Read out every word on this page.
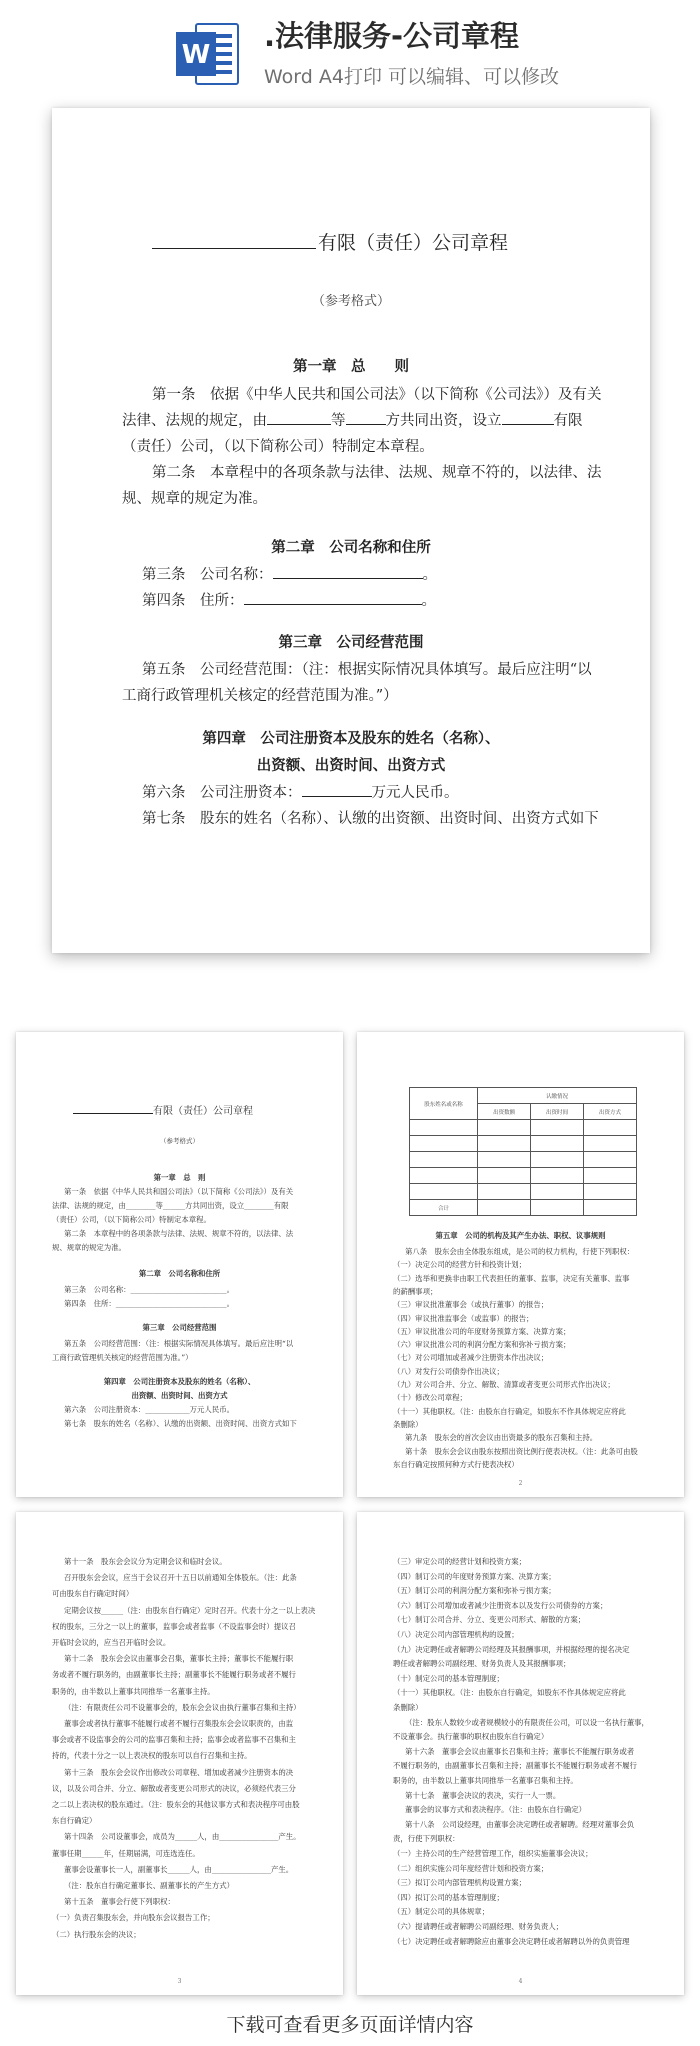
W
.法律服务-公司章程
Word A4打印 可以编辑、可以修改
有限（责任）公司章程
（参考格式）
第一章　总　　则
第一条　依据《中华人民共和国公司法》（以下简称《公司法》）及有关
法律、法规的规定，由	等	方共同出资，设立	有限
（责任）公司，（以下简称公司）特制定本章程。
第二条　本章程中的各项条款与法律、法规、规章不符的，以法律、法
规、规章的规定为准。
第二章　公司名称和住所
第三条　公司名称：	。
第四条　住所：	。
第三章　公司经营范围
第五条　公司经营范围：（注：根据实际情况具体填写。最后应注明“以
工商行政管理机关核定的经营范围为准。”）
第四章　公司注册资本及股东的姓名（名称）、
出资额、出资时间、出资方式
第六条　公司注册资本：	万元人民币。
第七条　股东的姓名（名称）、认缴的出资额、出资时间、出资方式如下
有限（责任）公司章程
（参考格式）
第一章　总　则
第一条　依据《中华人民共和国公司法》（以下简称《公司法》）及有关
法律、法规的规定，由________等______方共同出资，设立________有限
（责任）公司，（以下简称公司）特制定本章程。
第二条　本章程中的各项条款与法律、法规、规章不符的，以法律、法
规、规章的规定为准。
第二章　公司名称和住所
第三条　公司名称：__________________________。
第四条　住所：______________________________。
第三章　公司经营范围
第五条　公司经营范围：（注：根据实际情况具体填写。最后应注明“以
工商行政管理机关核定的经营范围为准。”）
第四章　公司注册资本及股东的姓名（名称）、
出资额、出资时间、出资方式
第六条　公司注册资本：____________万元人民币。
第七条　股东的姓名（名称）、认缴的出资额、出资时间、出资方式如下
股东姓名或名称	认缴情况		
	出资数额	出资时间	出资方式

合计			
第五章　公司的机构及其产生办法、职权、议事规则
第八条　股东会由全体股东组成，是公司的权力机构，行使下列职权：
（一）决定公司的经营方针和投资计划；
（二）选举和更换非由职工代表担任的董事、监事，决定有关董事、监事
的薪酬事项；
（三）审议批准董事会（或执行董事）的报告；
（四）审议批准监事会（或监事）的报告；
（五）审议批准公司的年度财务预算方案、决算方案；
（六）审议批准公司的利润分配方案和弥补亏损方案；
（七）对公司增加或者减少注册资本作出决议；
（八）对发行公司债券作出决议；
（九）对公司合并、分立、解散、清算或者变更公司形式作出决议；
（十）修改公司章程；
（十一）其他职权。（注：由股东自行确定，如股东不作具体规定应将此
条删除）
第九条　股东会的首次会议由出资最多的股东召集和主持。
第十条　股东会会议由股东按照出资比例行使表决权。（注：此条可由股
东自行确定按照何种方式行使表决权）
2
第十一条　股东会会议分为定期会议和临时会议。
召开股东会会议，应当于会议召开十五日以前通知全体股东。（注：此条
可由股东自行确定时间）
定期会议按______（注：由股东自行确定）定时召开。代表十分之一以上表决
权的股东，三分之一以上的董事，监事会或者监事（不设监事会时）提议召
开临时会议的，应当召开临时会议。
第十二条　股东会会议由董事会召集，董事长主持；董事长不能履行职
务或者不履行职务的，由副董事长主持；副董事长不能履行职务或者不履行
职务的，由半数以上董事共同推举一名董事主持。
（注：有限责任公司不设董事会的，股东会会议由执行董事召集和主持）
董事会或者执行董事不能履行或者不履行召集股东会会议职责的，由监
事会或者不设监事会的公司的监事召集和主持；监事会或者监事不召集和主
持的，代表十分之一以上表决权的股东可以自行召集和主持。
第十三条　股东会会议作出修改公司章程、增加或者减少注册资本的决
议，以及公司合并、分立、解散或者变更公司形式的决议，必须经代表三分
之二以上表决权的股东通过。（注：股东会的其他议事方式和表决程序可由股
东自行确定）
第十四条　公司设董事会，成员为______人，由________________产生。
董事任期______年，任期届满，可连选连任。
董事会设董事长一人，副董事长______人，由________________产生。
（注：股东自行确定董事长、副董事长的产生方式）
第十五条　董事会行使下列职权：
（一）负责召集股东会，并向股东会议报告工作；
（二）执行股东会的决议；
3
（三）审定公司的经营计划和投资方案；
（四）制订公司的年度财务预算方案、决算方案；
（五）制订公司的利润分配方案和弥补亏损方案；
（六）制订公司增加或者减少注册资本以及发行公司债券的方案；
（七）制订公司合并、分立、变更公司形式、解散的方案；
（八）决定公司内部管理机构的设置；
（九）决定聘任或者解聘公司经理及其报酬事项，并根据经理的提名决定
聘任或者解聘公司副经理、财务负责人及其报酬事项；
（十）制定公司的基本管理制度；
（十一）其他职权。（注：由股东自行确定，如股东不作具体规定应将此
条删除）
（注：股东人数较少或者规模较小的有限责任公司，可以设一名执行董事，
不设董事会。执行董事的职权由股东自行确定）
第十六条　董事会会议由董事长召集和主持；董事长不能履行职务或者
不履行职务的，由副董事长召集和主持；副董事长不能履行职务或者不履行
职务的，由半数以上董事共同推举一名董事召集和主持。
第十七条　董事会决议的表决，实行一人一票。
董事会的议事方式和表决程序。（注：由股东自行确定）
第十八条　公司设经理，由董事会决定聘任或者解聘。经理对董事会负
责，行使下列职权：
（一）主持公司的生产经营管理工作，组织实施董事会决议；
（二）组织实施公司年度经营计划和投资方案；
（三）拟订公司内部管理机构设置方案；
（四）拟订公司的基本管理制度；
（五）制定公司的具体规章；
（六）提请聘任或者解聘公司副经理、财务负责人；
（七）决定聘任或者解聘除应由董事会决定聘任或者解聘以外的负责管理
4
下载可查看更多页面详情内容
